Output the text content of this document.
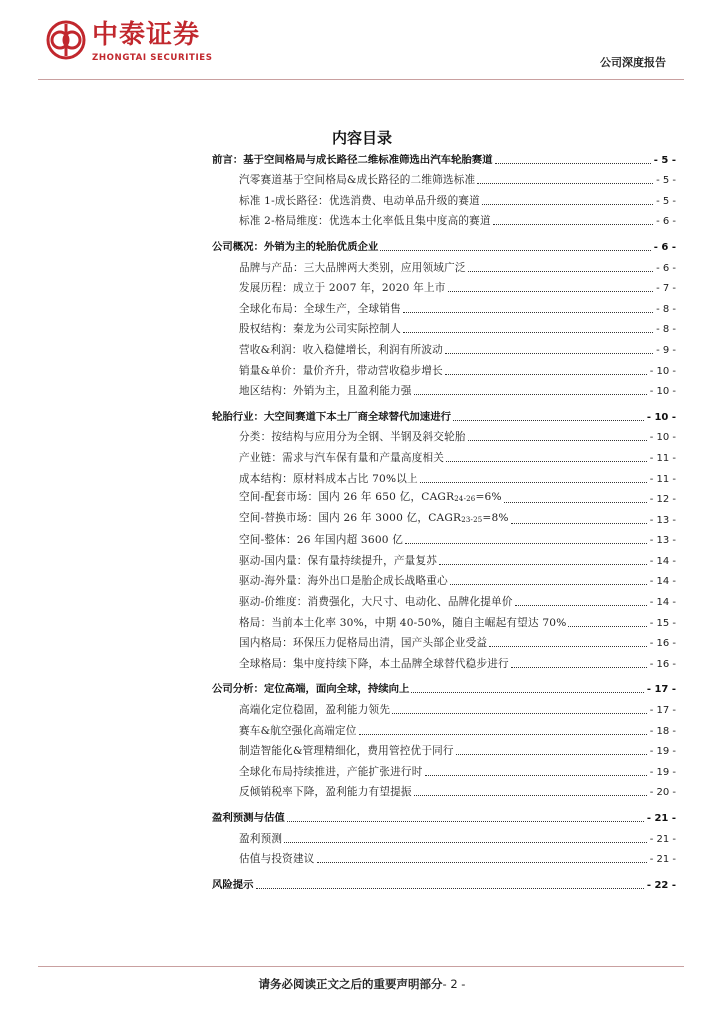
中泰证券
ZHONGTAI SECURITIES	公司深度报告
内容目录
前言：基于空间格局与成长路径二维标准筛选出汽车轮胎赛道	- 5 -
汽零赛道基于空间格局&成长路径的二维筛选标准	- 5 -
标准 1-成长路径：优选消费、电动单品升级的赛道	- 5 -
标准 2-格局维度：优选本土化率低且集中度高的赛道	- 6 -
公司概况：外销为主的轮胎优质企业	- 6 -
品牌与产品：三大品牌两大类别，应用领域广泛	- 6 -
发展历程：成立于 2007 年，2020 年上市	- 7 -
全球化布局：全球生产，全球销售	- 8 -
股权结构：秦龙为公司实际控制人	- 8 -
营收&利润：收入稳健增长，利润有所波动	- 9 -
销量&单价：量价齐升，带动营收稳步增长	- 10 -
地区结构：外销为主，且盈利能力强	- 10 -
轮胎行业：大空间赛道下本土厂商全球替代加速进行	- 10 -
分类：按结构与应用分为全钢、半钢及斜交轮胎	- 10 -
产业链：需求与汽车保有量和产量高度相关	- 11 -
成本结构：原材料成本占比 70%以上	- 11 -
空间-配套市场：国内 26 年 650 亿，CAGR24-26=6%	- 12 -
空间-替换市场：国内 26 年 3000 亿，CAGR23-25=8%	- 13 -
空间-整体：26 年国内超 3600 亿	- 13 -
驱动-国内量：保有量持续提升，产量复苏	- 14 -
驱动-海外量：海外出口是胎企成长战略重心	- 14 -
驱动-价维度：消费强化，大尺寸、电动化、品牌化提单价	- 14 -
格局：当前本土化率 30%，中期 40-50%，随自主崛起有望达 70%	- 15 -
国内格局：环保压力促格局出清，国产头部企业受益	- 16 -
全球格局：集中度持续下降，本土品牌全球替代稳步进行	- 16 -
公司分析：定位高端，面向全球，持续向上	- 17 -
高端化定位稳固，盈利能力领先	- 17 -
赛车&航空强化高端定位	- 18 -
制造智能化&管理精细化，费用管控优于同行	- 19 -
全球化布局持续推进，产能扩张进行时	- 19 -
反倾销税率下降，盈利能力有望提振	- 20 -
盈利预测与估值	- 21 -
盈利预测	- 21 -
估值与投资建议	- 21 -
风险提示	- 22 -
请务必阅读正文之后的重要声明部分- 2 -
